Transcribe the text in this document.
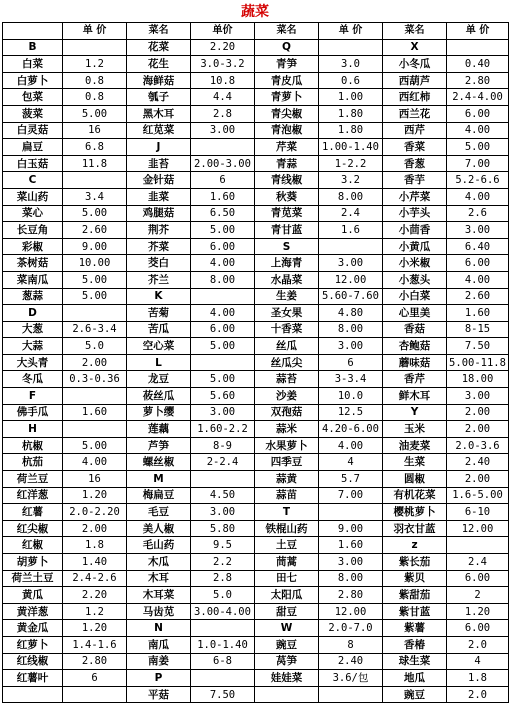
蔬菜
	单 价	菜名	单价	菜名	单 价	菜名	单 价
B		花菜	2.20	Q		X	
白菜	1.2	花生	3.0-3.2	青笋	3.0	小冬瓜	0.40
白萝卜	0.8	海鲜菇	10.8	青皮瓜	0.6	西葫芦	2.80
包菜	0.8	瓠子	4.4	青萝卜	1.00	西红柿	2.4-4.00
菠菜	5.00	黑木耳	2.8	青尖椒	1.80	西兰花	6.00
白灵菇	16	红苋菜	3.00	青泡椒	1.80	西芹	4.00
扁豆	6.8	J		芹菜	1.00-1.40	香菜	5.00
白玉菇	11.8	韭苔	2.00-3.00	青蒜	1-2.2	香葱	7.00
C		金针菇	6	青线椒	3.2	香芋	5.2-6.6
菜山药	3.4	韭菜	1.60	秋葵	8.00	小芹菜	4.00
菜心	5.00	鸡腿菇	6.50	青苋菜	2.4	小芋头	2.6
长豆角	2.60	荆芥	5.00	青甘蓝	1.6	小茴香	3.00
彩椒	9.00	芥菜	6.00	S		小黄瓜	6.40
茶树菇	10.00	茭白	4.00	上海青	3.00	小米椒	6.00
菜南瓜	5.00	芥兰	8.00	水晶菜	12.00	小葱头	4.00
葱蒜	5.00	K		生姜	5.60-7.60	小白菜	2.60
D		苦菊	4.00	圣女果	4.80	心里美	1.60
大葱	2.6-3.4	苦瓜	6.00	十香菜	8.00	香菇	8-15
大蒜	5.0	空心菜	5.00	丝瓜	3.00	杏鲍菇	7.50
大头青	2.00	L		丝瓜尖	6	蘑味菇	5.00-11.8
冬瓜	0.3-0.36	龙豆	5.00	蒜苔	3-3.4	香芹	18.00
F		莜丝瓜	5.60	沙姜	10.0	鲜木耳	3.00
佛手瓜	1.60	萝卜缨	3.00	双孢菇	12.5	Y	2.00
H		莲藕	1.60-2.2	蒜米	4.20-6.00	玉米	2.00
杭椒	5.00	芦笋	8-9	水果萝卜	4.00	油麦菜	2.0-3.6
杭茄	4.00	螺丝椒	2-2.4	四季豆	4	生菜	2.40
荷兰豆	16	M		蒜黄	5.7	圆椒	2.00
红洋葱	1.20	梅扁豆	4.50	蒜苗	7.00	有机花菜	1.6-5.00
红薯	2.0-2.20	毛豆	3.00	T		樱桃萝卜	6-10
红尖椒	2.00	美人椒	5.80	铁棍山药	9.00	羽衣甘蓝	12.00
红椒	1.8	毛山药	9.5	土豆	1.60	z	
胡萝卜	1.40	木瓜	2.2	茼蒿	3.00	紫长茄	2.4
荷兰土豆	2.4-2.6	木耳	2.8	田七	8.00	紫贝	6.00
黄瓜	2.20	木耳菜	5.0	太阳瓜	2.80	紫甜茄	2
黄洋葱	1.2	马齿苋	3.00-4.00	甜豆	12.00	紫甘蓝	1.20
黄金瓜	1.20	N		W	2.0-7.0	紫薯	6.00
红萝卜	1.4-1.6	南瓜	1.0-1.40	豌豆	8	香椿	2.0
红线椒	2.80	南姜	6-8	莴笋	2.40	球生菜	4
红薯叶	6	P		娃娃菜	3.6/包	地瓜	1.8
		平菇	7.50			豌豆	2.0
